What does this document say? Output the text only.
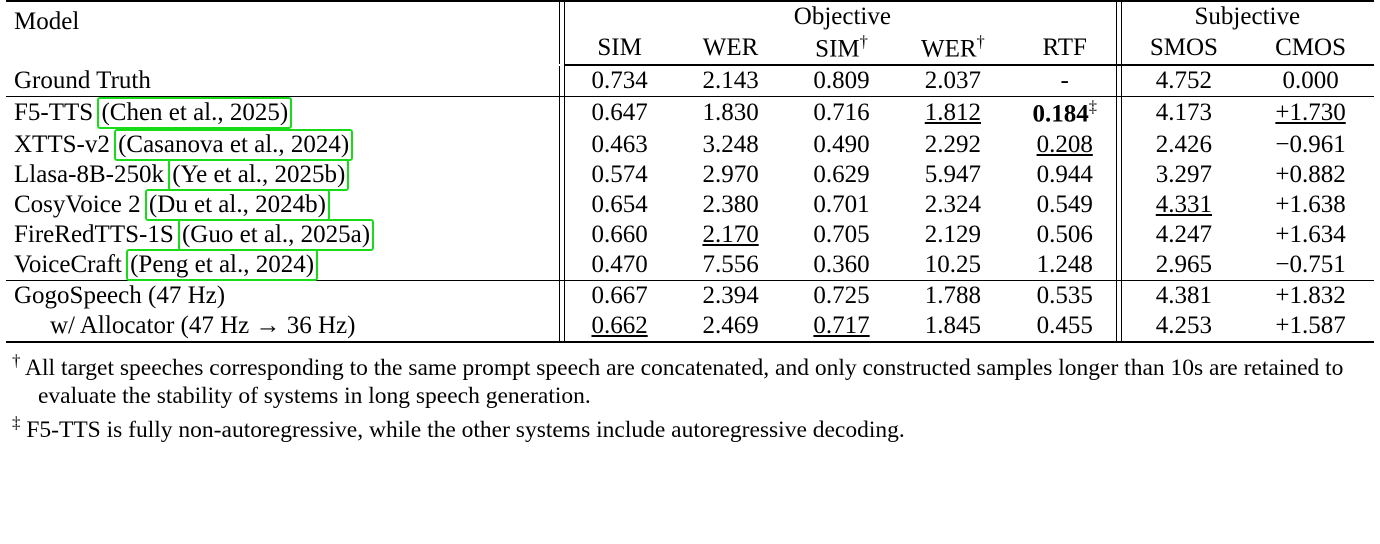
Model	Objective					Subjective	
	SIM	WER	SIM†	WER†	RTF	SMOS	CMOS
Ground Truth	0.734	2.143	0.809	2.037	-	4.752	0.000
F5-TTS (Chen et al., 2025)	0.647	1.830	0.716	1.812	0.184‡	4.173	+1.730
XTTS-v2 (Casanova et al., 2024)	0.463	3.248	0.490	2.292	0.208	2.426	−0.961
Llasa-8B-250k (Ye et al., 2025b)	0.574	2.970	0.629	5.947	0.944	3.297	+0.882
CosyVoice 2 (Du et al., 2024b)	0.654	2.380	0.701	2.324	0.549	4.331	+1.638
FireRedTTS-1S (Guo et al., 2025a)	0.660	2.170	0.705	2.129	0.506	4.247	+1.634
VoiceCraft (Peng et al., 2024)	0.470	7.556	0.360	10.25	1.248	2.965	−0.751
GogoSpeech (47 Hz)	0.667	2.394	0.725	1.788	0.535	4.381	+1.832
w/ Allocator (47 Hz → 36 Hz)	0.662	2.469	0.717	1.845	0.455	4.253	+1.587
† All target speeches corresponding to the same prompt speech are concatenated, and only constructed samples longer than 10s are retained to evaluate the stability of systems in long speech generation.
‡ F5-TTS is fully non-autoregressive, while the other systems include autoregressive decoding.
